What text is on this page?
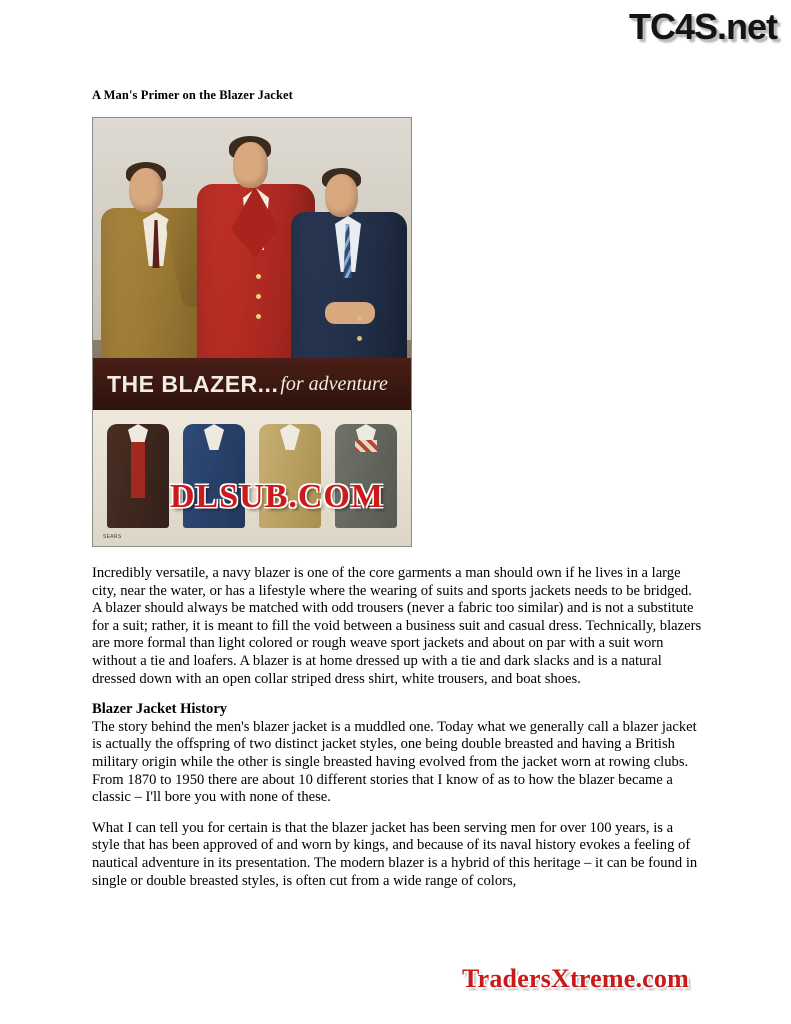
TC4S.net
A Man's Primer on the Blazer Jacket
THE BLAZER... for adventure
SEARS

Incredibly versatile, a navy blazer is one of the core garments a man should own if he lives in a large city, near the water, or has a lifestyle where the wearing of suits and sports jackets needs to be bridged. A blazer should always be matched with odd trousers (never a fabric too similar) and is not a substitute for a suit; rather, it is meant to fill the void between a business suit and casual dress. Technically, blazers are more formal than light colored or rough weave sport jackets and about on par with a suit worn without a tie and loafers. A blazer is at home dressed up with a tie and dark slacks and is a natural dressed down with an open collar striped dress shirt, white trousers, and boat shoes.

Blazer Jacket History

The story behind the men's blazer jacket is a muddled one. Today what we generally call a blazer jacket is actually the offspring of two distinct jacket styles, one being double breasted and having a British military origin while the other is single breasted having evolved from the jacket worn at rowing clubs. From 1870 to 1950 there are about 10 different stories that I know of as to how the blazer became a classic – I'll bore you with none of these.

What I can tell you for certain is that the blazer jacket has been serving men for over 100 years, is a style that has been approved of and worn by kings, and because of its naval history evokes a feeling of nautical adventure in its presentation. The modern blazer is a hybrid of this heritage – it can be found in single or double breasted styles, is often cut from a wide range of colors,

DLSUB.COM
TradersXtreme.com
